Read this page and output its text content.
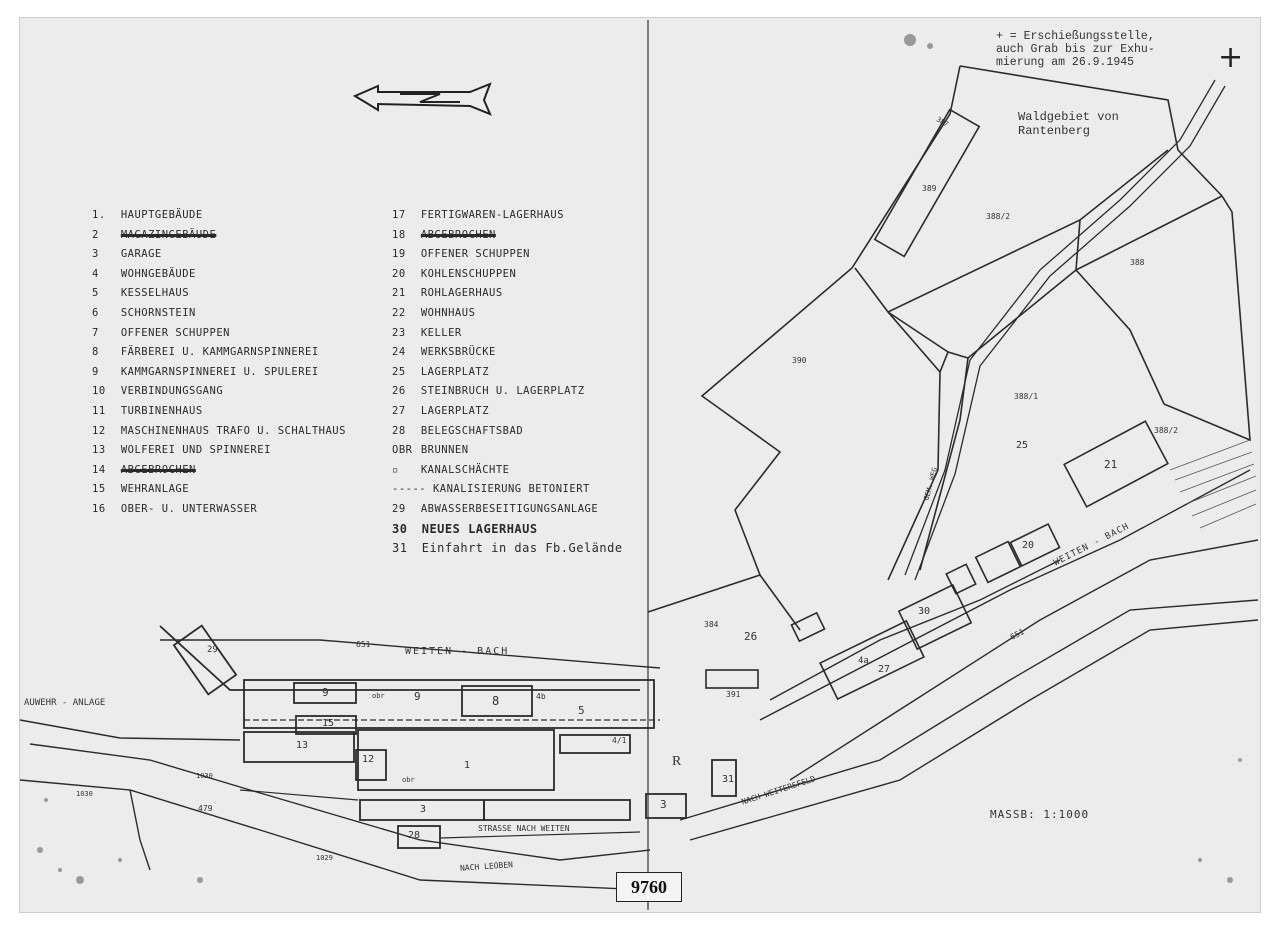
1. HAUPTGEBÄUDE
2 MAGAZINGEBÄUDE
3 GARAGE
4 WOHNGEBÄUDE
5 KESSELHAUS
6 SCHORNSTEIN
7 OFFENER SCHUPPEN
8 FÄRBEREI U. KAMMGARNSPINNEREI
9 KAMMGARNSPINNEREI U. SPULEREI
10 VERBINDUNGSGANG
11 TURBINENHAUS
12 MASCHINENHAUS TRAFO U. SCHALTHAUS
13 WOLFEREI UND SPINNEREI
14 ABGEBROCHEN
15 WEHRANLAGE
16 OBER- U. UNTERWASSER
17 FERTIGWAREN-LAGERHAUS
18 ABGEBROCHEN
19 OFFENER SCHUPPEN
20 KOHLENSCHUPPEN
21 ROHLAGERHAUS
22 WOHNHAUS
23 KELLER
24 WERKSBRÜCKE
25 LAGERPLATZ
26 STEINBRUCH U. LAGERPLATZ
27 LAGERPLATZ
28 BELEGSCHAFTSBAD
OBR BRUNNEN
▫ KANALSCHÄCHTE
----- KANALISIERUNG BETONIERT
29 ABWASSERBESEITIGUNGSANLAGE
30 NEUES LAGERHAUS
31 Einfahrt in das Fb.Gelände
+ = Erschießungsstelle,
auch Grab bis zur Exhu-
mierung am 26.9.1945	+
Waldgebiet von
Rantenberg
MASSB: 1:1000
9760
WEITEN - BACH
WEITEN - BACH
STRASSE NACH WEITEN
NACH LEOBEN
NACH WEITERSFELD
AUWEHR - ANLAGE
R
GEM. WEG
387
388/2
389
388
388/1
388/2
390
384
391
651
651
479
1030
1029
1030
1
3	3
5
8
9	9
12
13
15
20
21
25
26
27
28
29
30
31
4a
4b
4/1
obr
obr
